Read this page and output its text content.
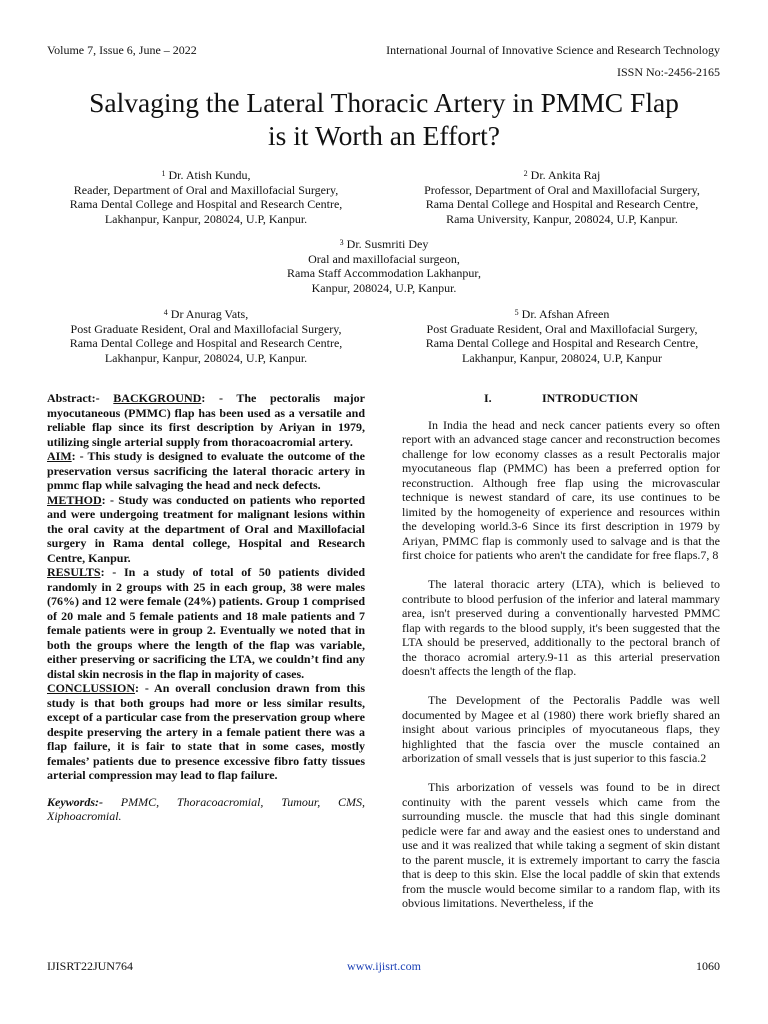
Volume 7, Issue 6, June – 2022	International Journal of Innovative Science and Research Technology
ISSN No:-2456-2165
Salvaging the Lateral Thoracic Artery in PMMC Flap
is it Worth an Effort?
$^1$ Dr. Atish Kundu,
Reader, Department of Oral and Maxillofacial Surgery,
Rama Dental College and Hospital and Research Centre,
Lakhanpur, Kanpur, 208024, U.P, Kanpur.
$^2$ Dr. Ankita Raj
Professor, Department of Oral and Maxillofacial Surgery,
Rama Dental College and Hospital and Research Centre,
Rama University, Kanpur, 208024, U.P, Kanpur.
$^3$ Dr. Susmriti Dey
Oral and maxillofacial surgeon,
Rama Staff Accommodation Lakhanpur,
Kanpur, 208024, U.P, Kanpur.
$^4$ Dr Anurag Vats,
Post Graduate Resident, Oral and Maxillofacial Surgery,
Rama Dental College and Hospital and Research Centre,
Lakhanpur, Kanpur, 208024, U.P, Kanpur.
$^5$ Dr. Afshan Afreen
Post Graduate Resident, Oral and Maxillofacial Surgery,
Rama Dental College and Hospital and Research Centre,
Lakhanpur, Kanpur, 208024, U.P, Kanpur

Abstract:- BACKGROUND: - The pectoralis major myocutaneous (PMMC) flap has been used as a versatile and reliable flap since its first description by Ariyan in 1979, utilizing single arterial supply from thoracoacromial artery.

AIM: - This study is designed to evaluate the outcome of the preservation versus sacrificing the lateral thoracic artery in pmmc flap while salvaging the head and neck defects.

METHOD: - Study was conducted on patients who reported and were undergoing treatment for malignant lesions within the oral cavity at the department of Oral and Maxillofacial surgery in Rama dental college, Hospital and Research Centre, Kanpur.

RESULTS: - In a study of total of 50 patients divided randomly in 2 groups with 25 in each group, 38 were males (76%) and 12 were female (24%) patients. Group 1 comprised of 20 male and 5 female patients and 18 male patients and 7 female patients were in group 2. Eventually we noted that in both the groups where the length of the flap was variable, either preserving or sacrificing the LTA, we couldn’t find any distal skin necrosis in the flap in majority of cases.

CONCLUSSION: - An overall conclusion drawn from this study is that both groups had more or less similar results, except of a particular case from the preservation group where despite preserving the artery in a female patient there was a flap failure, it is fair to state that in some cases, mostly females’ patients due to presence excessive fibro fatty tissues arterial compression may lead to flap failure.

Keywords:- PMMC, Thoracoacromial, Tumour, CMS, Xiphoacromial.

I.	INTRODUCTION

In India the head and neck cancer patients every so often report with an advanced stage cancer and reconstruction becomes challenge for low economy classes as a result Pectoralis major myocutaneous flap (PMMC) has been a preferred option for reconstruction. Although free flap using the microvascular technique is newest standard of care, its use continues to be limited by the homogeneity of experience and resources within the developing world.3-6 Since its first description in 1979 by Ariyan, PMMC flap is commonly used to salvage and is that the first choice for patients who aren't the candidate for free flaps.7, 8

The lateral thoracic artery (LTA), which is believed to contribute to blood perfusion of the inferior and lateral mammary area, isn't preserved during a conventionally harvested PMMC flap with regards to the blood supply, it's been suggested that the LTA should be preserved, additionally to the pectoral branch of the thoraco acromial artery.9-11 as this arterial preservation doesn't affects the length of the flap.

The Development of the Pectoralis Paddle was well documented by Magee et al (1980) there work briefly shared an insight about various principles of myocutaneous flaps, they highlighted that the fascia over the muscle contained an arborization of small vessels that is just superior to this fascia.2

This arborization of vessels was found to be in direct continuity with the parent vessels which came from the surrounding muscle. the muscle that had this single dominant pedicle were far and away and the easiest ones to understand and use and it was realized that while taking a segment of skin distant to the parent muscle, it is extremely important to carry the fascia that is deep to this skin. Else the local paddle of skin that extends from the muscle would become similar to a random flap, with its obvious limitations. Nevertheless, if the

IJISRT22JUN764	www.ijisrt.com	1060
